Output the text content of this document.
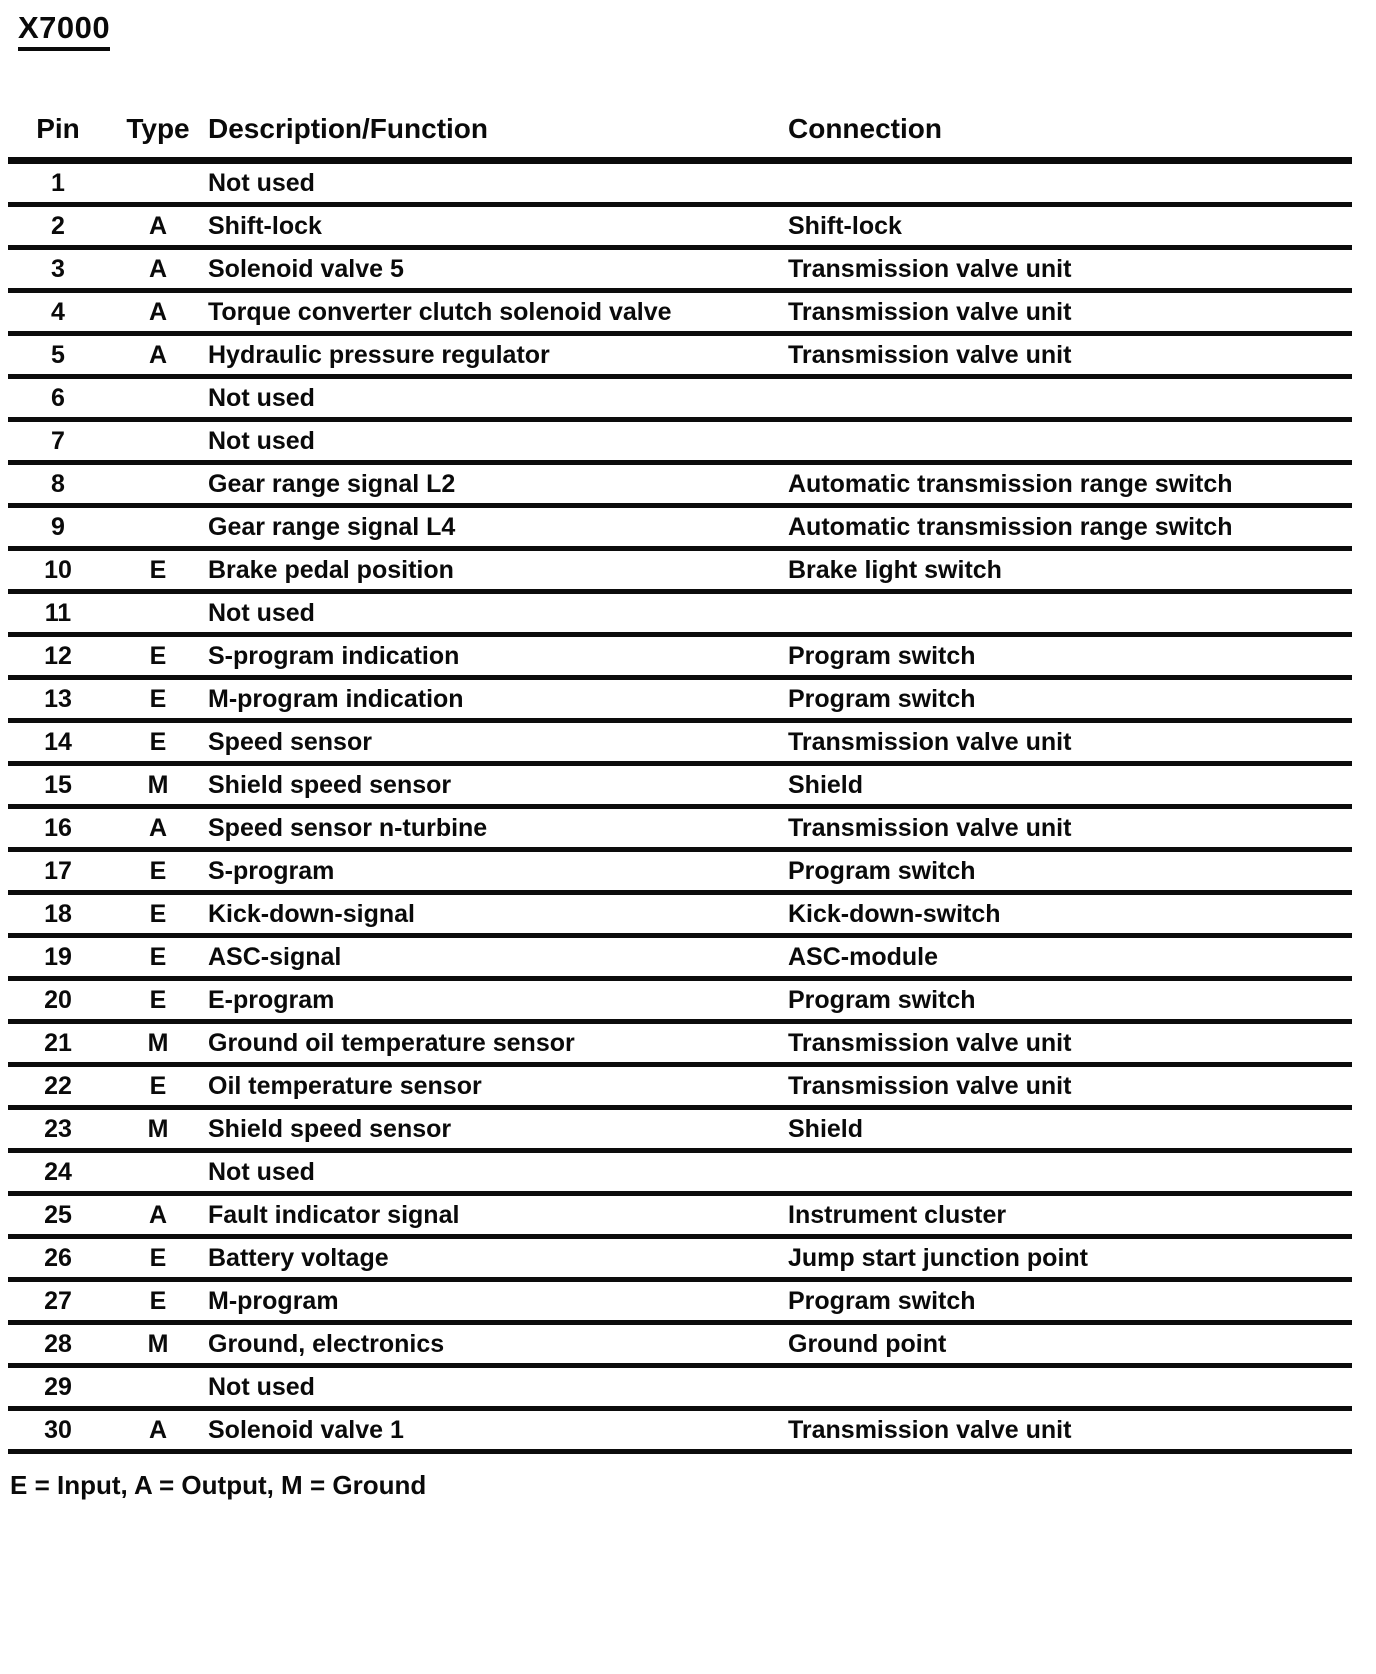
X7000
Pin	Type	Description/Function	Connection
1		Not used	
2	A	Shift-lock	Shift-lock
3	A	Solenoid valve 5	Transmission valve unit
4	A	Torque converter clutch solenoid valve	Transmission valve unit
5	A	Hydraulic pressure regulator	Transmission valve unit
6		Not used	
7		Not used	
8		Gear range signal L2	Automatic transmission range switch
9		Gear range signal L4	Automatic transmission range switch
10	E	Brake pedal position	Brake light switch
11		Not used	
12	E	S-program indication	Program switch
13	E	M-program indication	Program switch
14	E	Speed sensor	Transmission valve unit
15	M	Shield speed sensor	Shield
16	A	Speed sensor n-turbine	Transmission valve unit
17	E	S-program	Program switch
18	E	Kick-down-signal	Kick-down-switch
19	E	ASC-signal	ASC-module
20	E	E-program	Program switch
21	M	Ground oil temperature sensor	Transmission valve unit
22	E	Oil temperature sensor	Transmission valve unit
23	M	Shield speed sensor	Shield
24		Not used	
25	A	Fault indicator signal	Instrument cluster
26	E	Battery voltage	Jump start junction point
27	E	M-program	Program switch
28	M	Ground, electronics	Ground point
29		Not used	
30	A	Solenoid valve 1	Transmission valve unit
E = Input, A = Output, M = Ground
